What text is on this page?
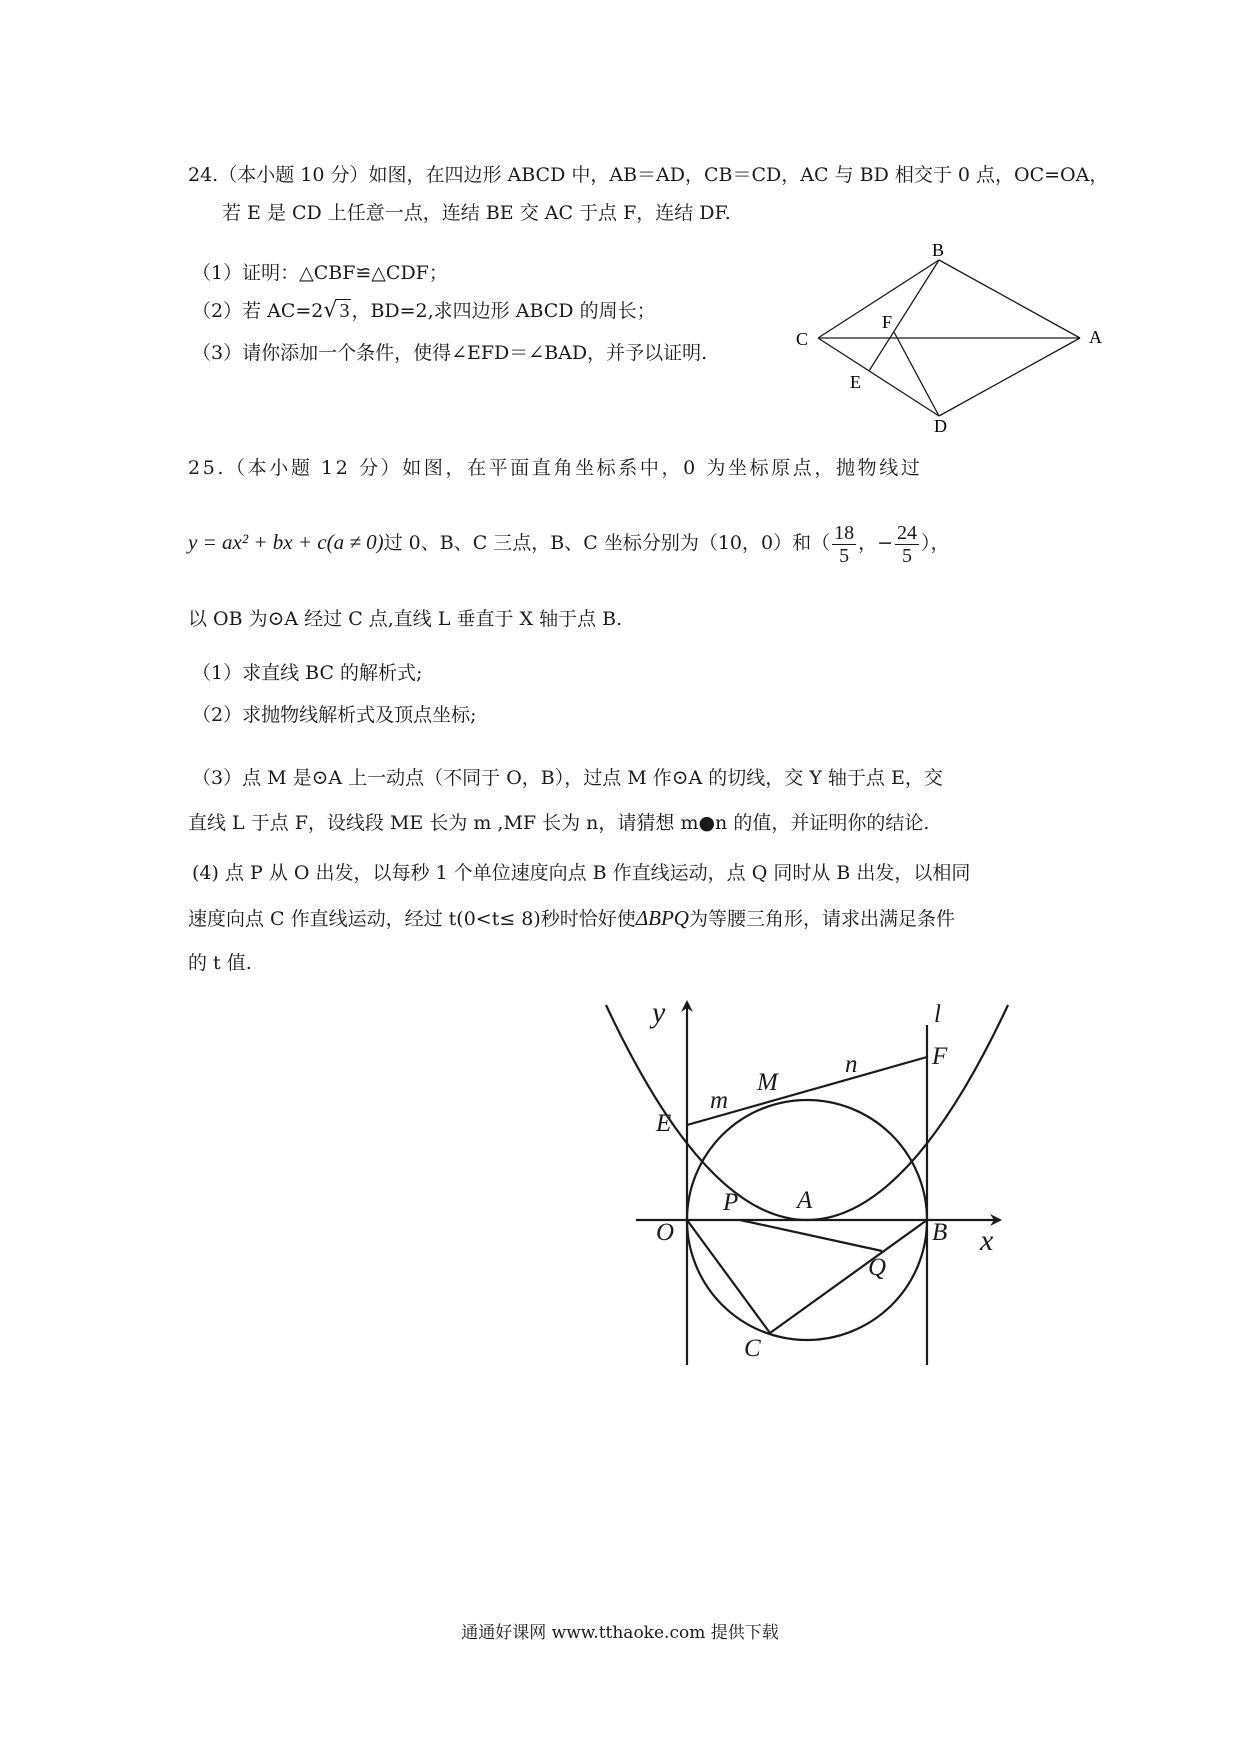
24.（本小题 10 分）如图，在四边形 ABCD 中，AB＝AD，CB＝CD，AC 与 BD 相交于 0 点，OC=OA，
若 E 是 CD 上任意一点，连结 BE 交 AC 于点 F，连结 DF.
（1）证明：△CBF≌△CDF；
（2）若 AC=2√ 3 ，BD=2,求四边形 ABCD 的周长；
（3）请你添加一个条件，使得∠EFD＝∠BAD，并予以证明.
B
C	A
D
E
F
25.（本小题 12 分）如图，在平面直角坐标系中，0 为坐标原点，抛物线过
y = ax² + bx + c(a ≠ 0)过 0、B、C 三点，B、C 坐标分别为（10，0）和（ $\frac{18}{5}$ ，− $\frac{24}{5}$ ），
以 OB 为⊙A 经过 C 点,直线 L 垂直于 X 轴于点 B.
（1）求直线 BC 的解析式;
（2）求抛物线解析式及顶点坐标;
（3）点 M 是⊙A 上一动点（不同于 O，B），过点 M 作⊙A 的切线，交 Y 轴于点 E，交
直线 L 于点 F，设线段 ME 长为 m ,MF 长为 n，请猜想 m●n 的值，并证明你的结论.
(4) 点 P 从 O 出发，以每秒 1 个单位速度向点 B 作直线运动，点 Q 同时从 B 出发，以相同
速度向点 C 作直线运动，经过 t(0<t≤ 8)秒时恰好使ΔBPQ为等腰三角形，请求出满足条件
的 t 值.
y
x
l
F
n
M
m
E
P A
O	B
Q
C
通通好课网 www.tthaoke.com 提供下载
